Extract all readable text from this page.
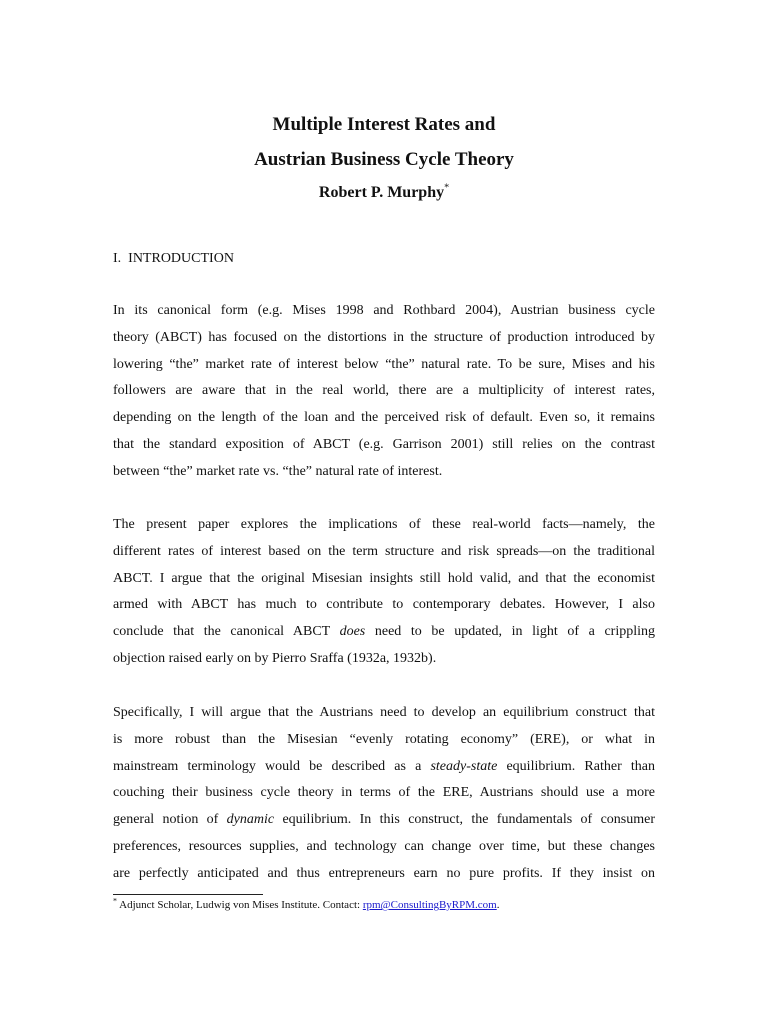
Multiple Interest Rates and
Austrian Business Cycle Theory

Robert P. Murphy*

I.  INTRODUCTION

In its canonical form (e.g. Mises 1998 and Rothbard 2004), Austrian business cycle
theory (ABCT) has focused on the distortions in the structure of production introduced by
lowering “the” market rate of interest below “the” natural rate. To be sure, Mises and his
followers are aware that in the real world, there are a multiplicity of interest rates,
depending on the length of the loan and the perceived risk of default. Even so, it remains
that the standard exposition of ABCT (e.g. Garrison 2001) still relies on the contrast
between “the” market rate vs. “the” natural rate of interest.

The present paper explores the implications of these real-world facts—namely, the
different rates of interest based on the term structure and risk spreads—on the traditional
ABCT. I argue that the original Misesian insights still hold valid, and that the economist
armed with ABCT has much to contribute to contemporary debates. However, I also
conclude that the canonical ABCT does need to be updated, in light of a crippling
objection raised early on by Pierro Sraffa (1932a, 1932b).

Specifically, I will argue that the Austrians need to develop an equilibrium construct that
is more robust than the Misesian “evenly rotating economy” (ERE), or what in
mainstream terminology would be described as a steady-state equilibrium. Rather than
couching their business cycle theory in terms of the ERE, Austrians should use a more
general notion of dynamic equilibrium. In this construct, the fundamentals of consumer
preferences, resources supplies, and technology can change over time, but these changes
are perfectly anticipated and thus entrepreneurs earn no pure profits. If they insist on

* Adjunct Scholar, Ludwig von Mises Institute. Contact: rpm@ConsultingByRPM.com.
